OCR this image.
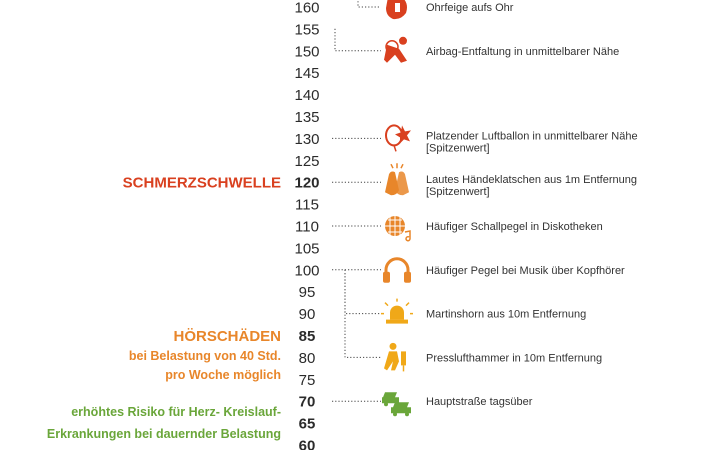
160
155
150
145
140
135
130
125
120
115
110
105
100
95
90
85
80
75
70
65
60
SCHMERZSCHWELLE
HÖRSCHÄDEN
bei Belastung von 40 Std.
pro Woche möglich
erhöhtes Risiko für Herz- Kreislauf-
Erkrankungen bei dauernder Belastung
Ohrfeige aufs Ohr
Airbag-Entfaltung in unmittelbarer Nähe
Platzender Luftballon in unmittelbarer Nähe
[Spitzenwert]
Lautes Händeklatschen aus 1m Entfernung
[Spitzenwert]
Häufiger Schallpegel in Diskotheken
Häufiger Pegel bei Musik über Kopfhörer
Martinshorn aus 10m Entfernung
Presslufthammer in 10m Entfernung
Hauptstraße tagsüber
